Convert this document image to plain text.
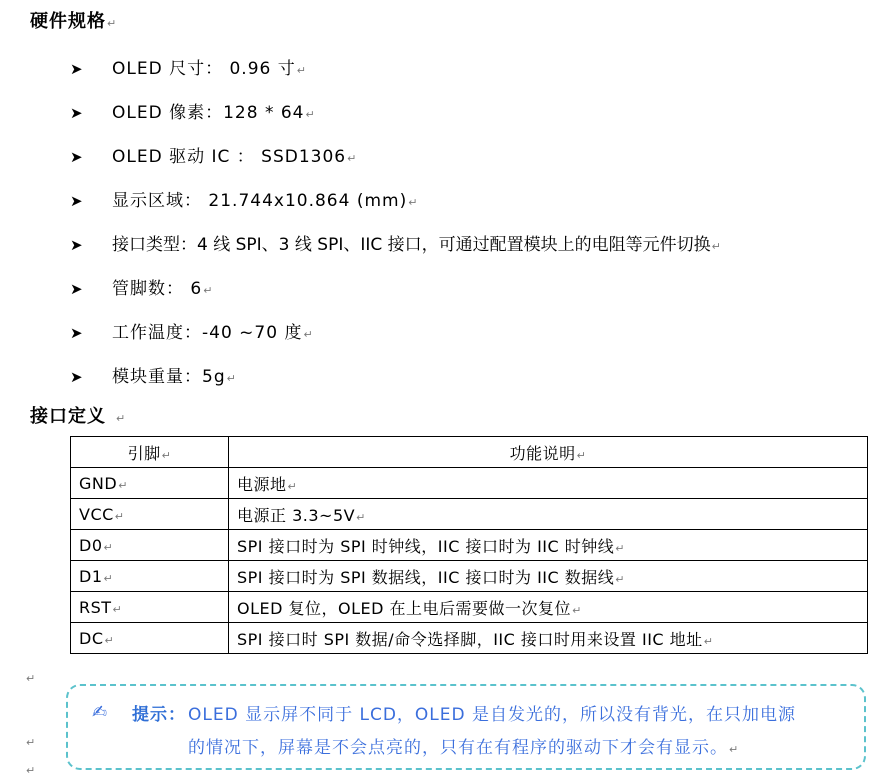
硬件规格 ↵
➤ OLED 尺寸： 0.96 寸 ↵
➤ OLED 像素：128 * 64 ↵
➤ OLED 驱动 IC ： SSD1306 ↵
➤ 显示区域： 21.744x10.864 (mm) ↵
➤ 接口类型：4 线 SPI、3 线 SPI、IIC 接口，可通过配置模块上的电阻等元件切换 ↵
➤ 管脚数： 6 ↵
➤ 工作温度：-40 ~70 度 ↵
➤ 模块重量：5g ↵
接口定义 ↵
引脚 ↵	功能说明 ↵
GND ↵	电源地 ↵
VCC ↵	电源正 3.3~5V ↵
D0 ↵	SPI 接口时为 SPI 时钟线，IIC 接口时为 IIC 时钟线 ↵
D1 ↵	SPI 接口时为 SPI 数据线，IIC 接口时为 IIC 数据线 ↵
RST ↵	OLED 复位，OLED 在上电后需要做一次复位 ↵
DC ↵	SPI 接口时 SPI 数据/命令选择脚，IIC 接口时用来设置 IIC 地址 ↵
↵
↵
↵
✍ 提示： OLED 显示屏不同于 LCD，OLED 是自发光的，所以没有背光，在只加电源
的情况下，屏幕是不会点亮的，只有在有程序的驱动下才会有显示。 ↵
